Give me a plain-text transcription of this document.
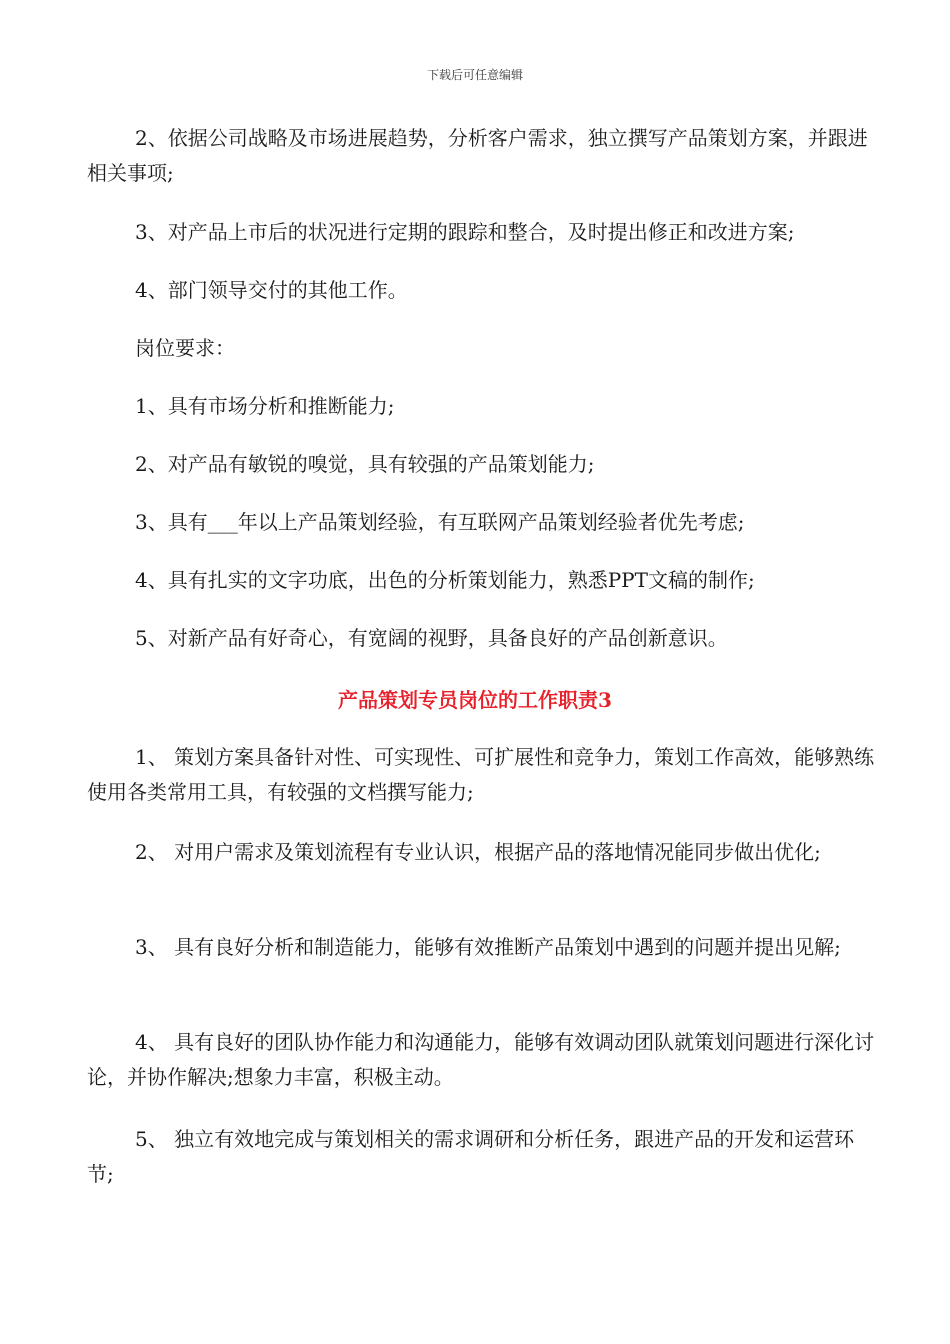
下载后可任意编辑

2、依据公司战略及市场进展趋势，分析客户需求，独立撰写产品策划方案，并跟进相关事项;

3、对产品上市后的状况进行定期的跟踪和整合，及时提出修正和改进方案;

4、部门领导交付的其他工作。

岗位要求：

1、具有市场分析和推断能力;

2、对产品有敏锐的嗅觉，具有较强的产品策划能力;

3、具有___年以上产品策划经验，有互联网产品策划经验者优先考虑;

4、具有扎实的文字功底，出色的分析策划能力，熟悉PPT文稿的制作;

5、对新产品有好奇心，有宽阔的视野，具备良好的产品创新意识。

产品策划专员岗位的工作职责3

1、 策划方案具备针对性、可实现性、可扩展性和竞争力，策划工作高效，能够熟练使用各类常用工具，有较强的文档撰写能力;

2、 对用户需求及策划流程有专业认识，根据产品的落地情况能同步做出优化;

3、 具有良好分析和制造能力，能够有效推断产品策划中遇到的问题并提出见解;

4、 具有良好的团队协作能力和沟通能力，能够有效调动团队就策划问题进行深化讨论，并协作解决;想象力丰富，积极主动。

5、 独立有效地完成与策划相关的需求调研和分析任务，跟进产品的开发和运营环节;
